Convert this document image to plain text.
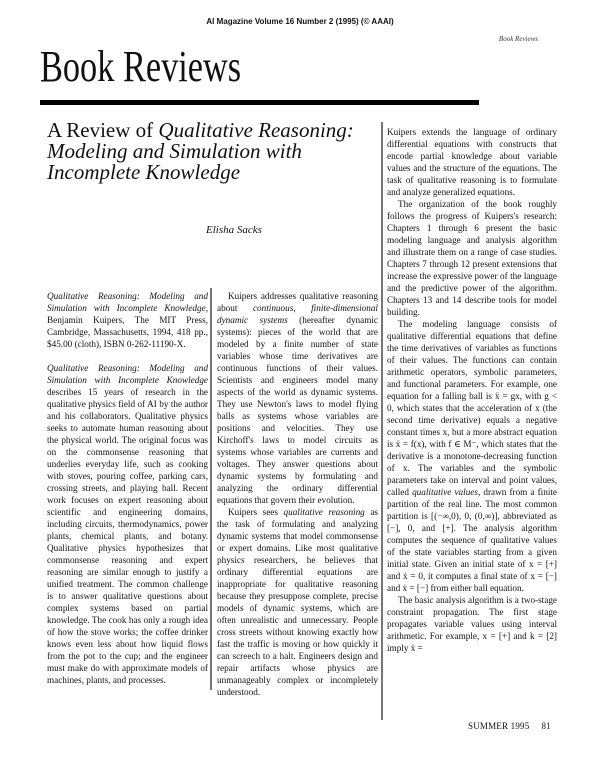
AI Magazine Volume 16 Number 2 (1995) (© AAAI)
Book Reviews
Book Reviews
A Review of Qualitative Reasoning:
Modeling and Simulation with
Incomplete Knowledge
Elisha Sacks

Qualitative Reasoning: Modeling and Simulation with Incomplete Knowledge, Benjamin Kuipers, The MIT Press, Cambridge, Massachusetts, 1994, 418 pp., $45.00 (cloth), ISBN 0-262-11190-X.

Qualitative Reasoning: Modeling and Simulation with Incomplete Knowledge describes 15 years of research in the qualitative physics field of AI by the author and his collaborators. Qualitative physics seeks to automate human reasoning about the physical world. The original focus was on the commonsense reasoning that underlies everyday life, such as cooking with stoves, pouring coffee, parking cars, crossing streets, and playing ball. Recent work focuses on expert reasoning about scientific and engineering domains, including circuits, thermodynamics, power plants, chemical plants, and botany. Qualitative physics hypothesizes that commonsense reasoning and expert reasoning are similar enough to justify a unified treatment. The common challenge is to answer qualitative questions about complex systems based on partial knowledge. The cook has only a rough idea of how the stove works; the coffee drinker knows even less about how liquid flows from the pot to the cup; and the engineer must make do with approximate models of machines, plants, and processes.

Kuipers addresses qualitative reasoning about continuous, finite-dimensional dynamic systems (hereafter dynamic systems): pieces of the world that are modeled by a finite number of state variables whose time derivatives are continuous functions of their values. Scientists and engineers model many aspects of the world as dynamic systems. They use Newton's laws to model flying balls as systems whose variables are positions and velocities. They use Kirchoff's laws to model circuits as systems whose variables are currents and voltages. They answer questions about dynamic systems by formulating and analyzing the ordinary differential equations that govern their evolution.

Kuipers sees qualitative reasoning as the task of formulating and analyzing dynamic systems that model commonsense or expert domains. Like most qualitative physics researchers, he believes that ordinary differential equations are inappropriate for qualitative reasoning because they presuppose complete, precise models of dynamic systems, which are often unrealistic and unnecessary. People cross streets without knowing exactly how fast the traffic is moving or how quickly it can screech to a halt. Engineers design and repair artifacts whose physics are unmanageably complex or incompletely understood.

Kuipers extends the language of ordinary differential equations with constructs that encode partial knowledge about variable values and the structure of the equations. The task of qualitative reasoning is to formulate and analyze generalized equations.

The organization of the book roughly follows the progress of Kuipers's research: Chapters 1 through 6 present the basic modeling language and analysis algorithm and illustrate them on a range of case studies. Chapters 7 through 12 present extensions that increase the expressive power of the language and the predictive power of the algorithm. Chapters 13 and 14 describe tools for model building.

The modeling language consists of qualitative differential equations that define the time derivatives of variables as functions of their values. The functions can contain arithmetic operators, symbolic parameters, and functional parameters. For example, one equation for a falling ball is ẍ = gx, with g < 0, which states that the acceleration of x (the second time derivative) equals a negative constant times x, but a more abstract equation is ẍ = f(x), with f ∈ M⁻, which states that the derivative is a monotone-decreasing function of x. The variables and the symbolic parameters take on interval and point values, called qualitative values, drawn from a finite partition of the real line. The most common partition is [(−∞,0), 0, (0,∞)], abbreviated as [−], 0, and [+]. The analysis algorithm computes the sequence of qualitative values of the state variables starting from a given initial state. Given an initial state of x = [+] and ẋ = 0, it computes a final state of x = [−] and ẋ = [−] from either ball equation.

The basic analysis algorithm is a two-stage constraint propagation. The first stage propagates variable values using interval arithmetic. For example, x = [+] and k = [2] imply ẍ =

SUMMER 1995 81
